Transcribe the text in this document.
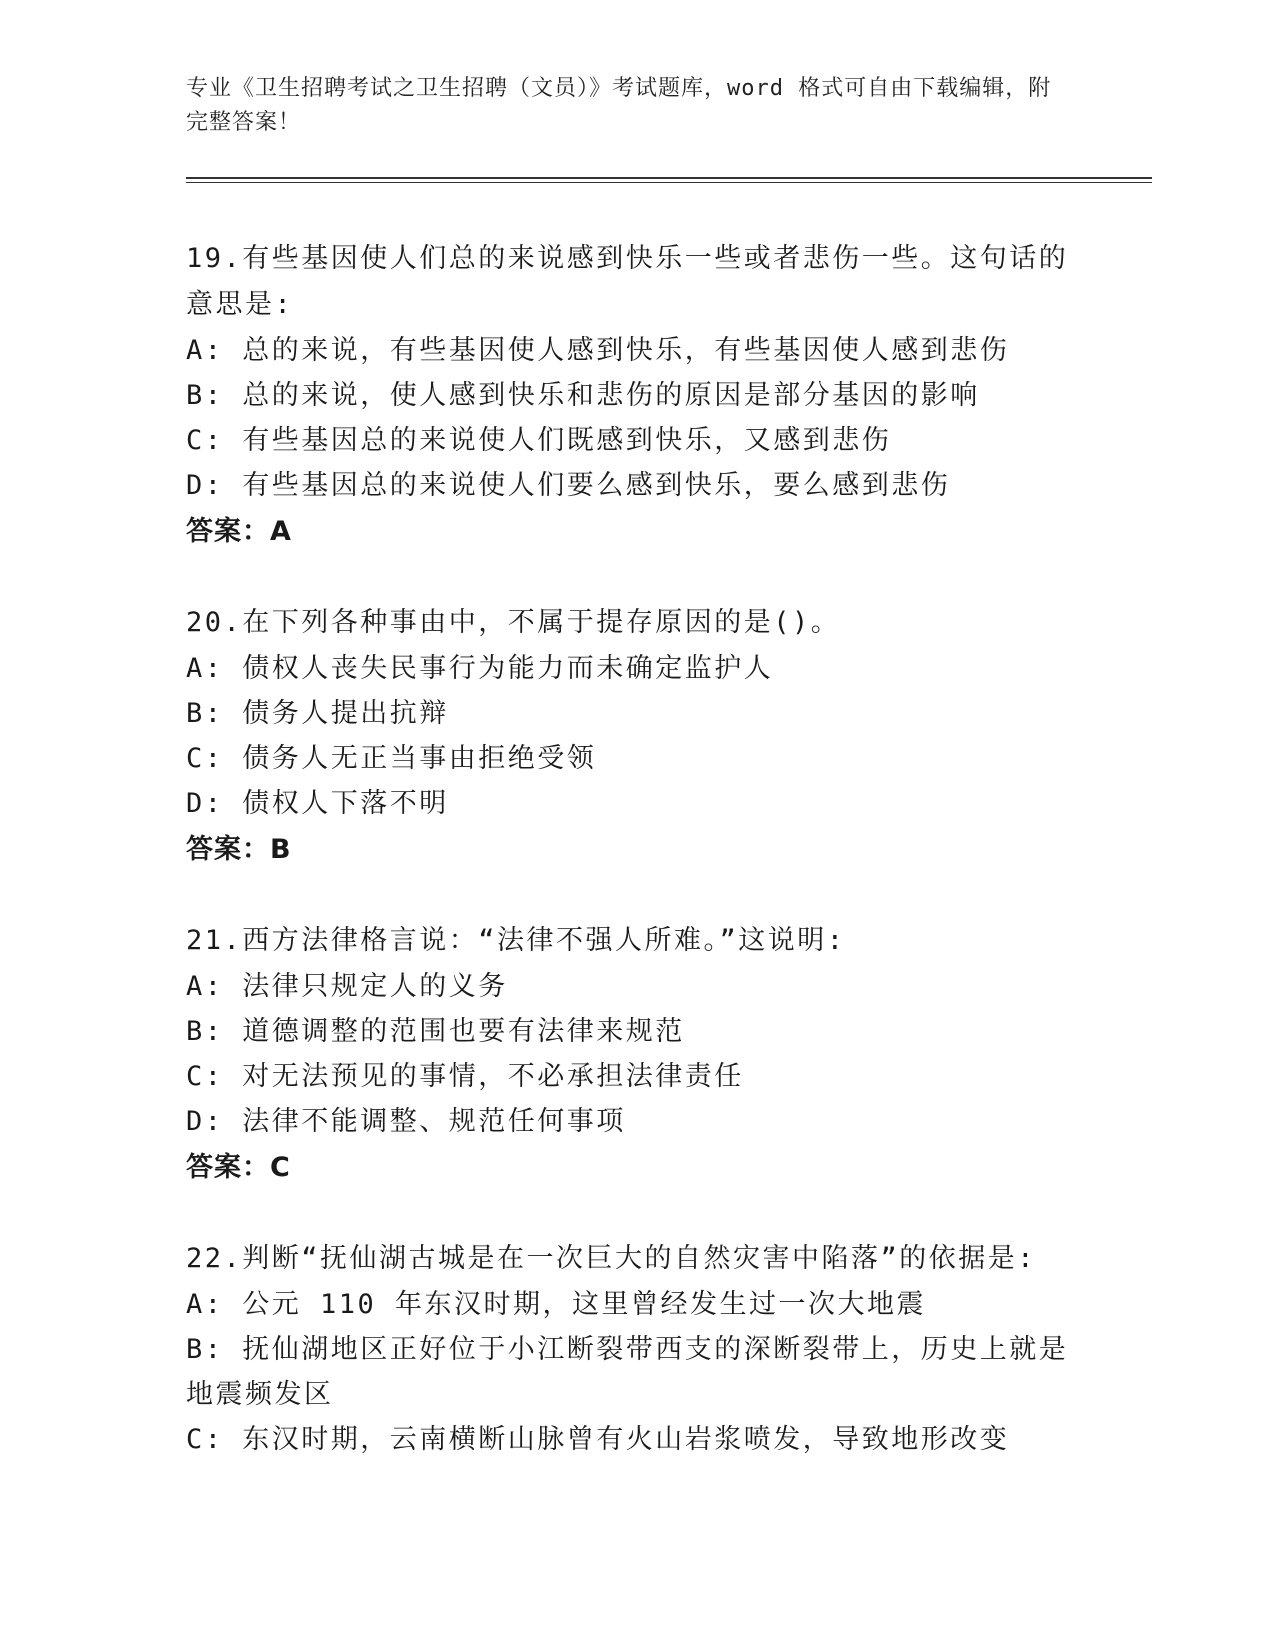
专业《卫生招聘考试之卫生招聘（文员）》考试题库，word 格式可自由下载编辑，附完整答案！

19.有些基因使人们总的来说感到快乐一些或者悲伤一些。这句话的意思是:

A: 总的来说，有些基因使人感到快乐，有些基因使人感到悲伤

B: 总的来说，使人感到快乐和悲伤的原因是部分基因的影响

C: 有些基因总的来说使人们既感到快乐，又感到悲伤

D: 有些基因总的来说使人们要么感到快乐，要么感到悲伤

答案：A

20.在下列各种事由中，不属于提存原因的是()。

A: 债权人丧失民事行为能力而未确定监护人

B: 债务人提出抗辩

C: 债务人无正当事由拒绝受领

D: 债权人下落不明

答案：B

21.西方法律格言说：“法律不强人所难。”这说明:

A: 法律只规定人的义务

B: 道德调整的范围也要有法律来规范

C: 对无法预见的事情，不必承担法律责任

D: 法律不能调整、规范任何事项

答案：C

22.判断“抚仙湖古城是在一次巨大的自然灾害中陷落”的依据是:

A: 公元 110 年东汉时期，这里曾经发生过一次大地震

B: 抚仙湖地区正好位于小江断裂带西支的深断裂带上，历史上就是地震频发区

C: 东汉时期，云南横断山脉曾有火山岩浆喷发，导致地形改变
